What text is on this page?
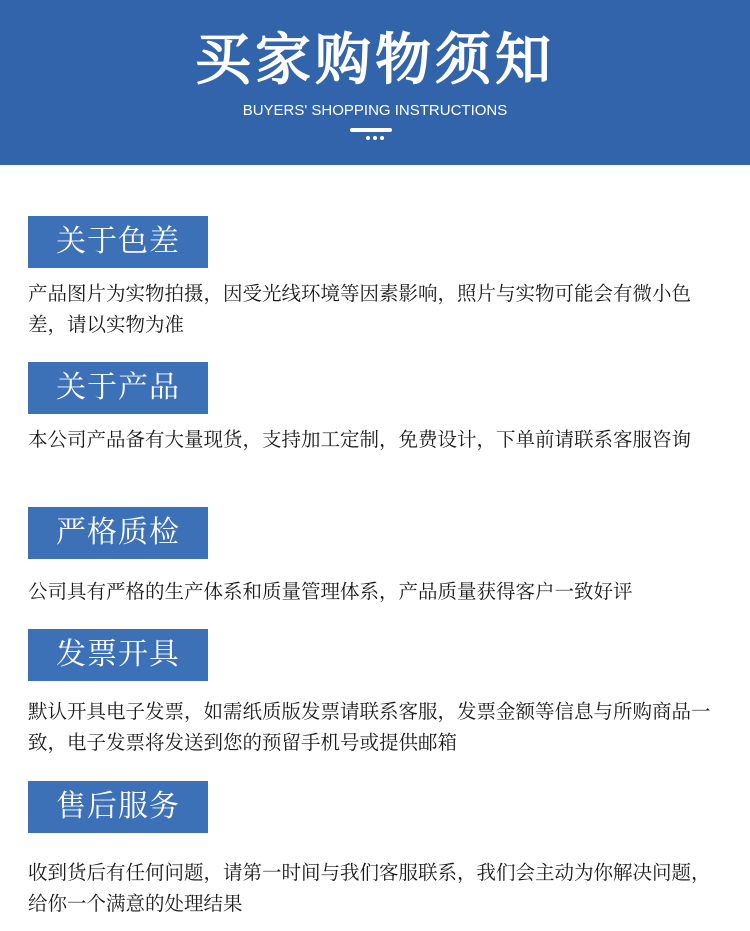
买家购物须知
BUYERS' SHOPPING INSTRUCTIONS
关于色差
产品图片为实物拍摄，因受光线环境等因素影响，照片与实物可能会有微小色差，请以实物为准
关于产品
本公司产品备有大量现货，支持加工定制，免费设计，下单前请联系客服咨询
严格质检
公司具有严格的生产体系和质量管理体系，产品质量获得客户一致好评
发票开具
默认开具电子发票，如需纸质版发票请联系客服，发票金额等信息与所购商品一致，电子发票将发送到您的预留手机号或提供邮箱
售后服务
收到货后有任何问题，请第一时间与我们客服联系，我们会主动为你解决问题，给你一个满意的处理结果
